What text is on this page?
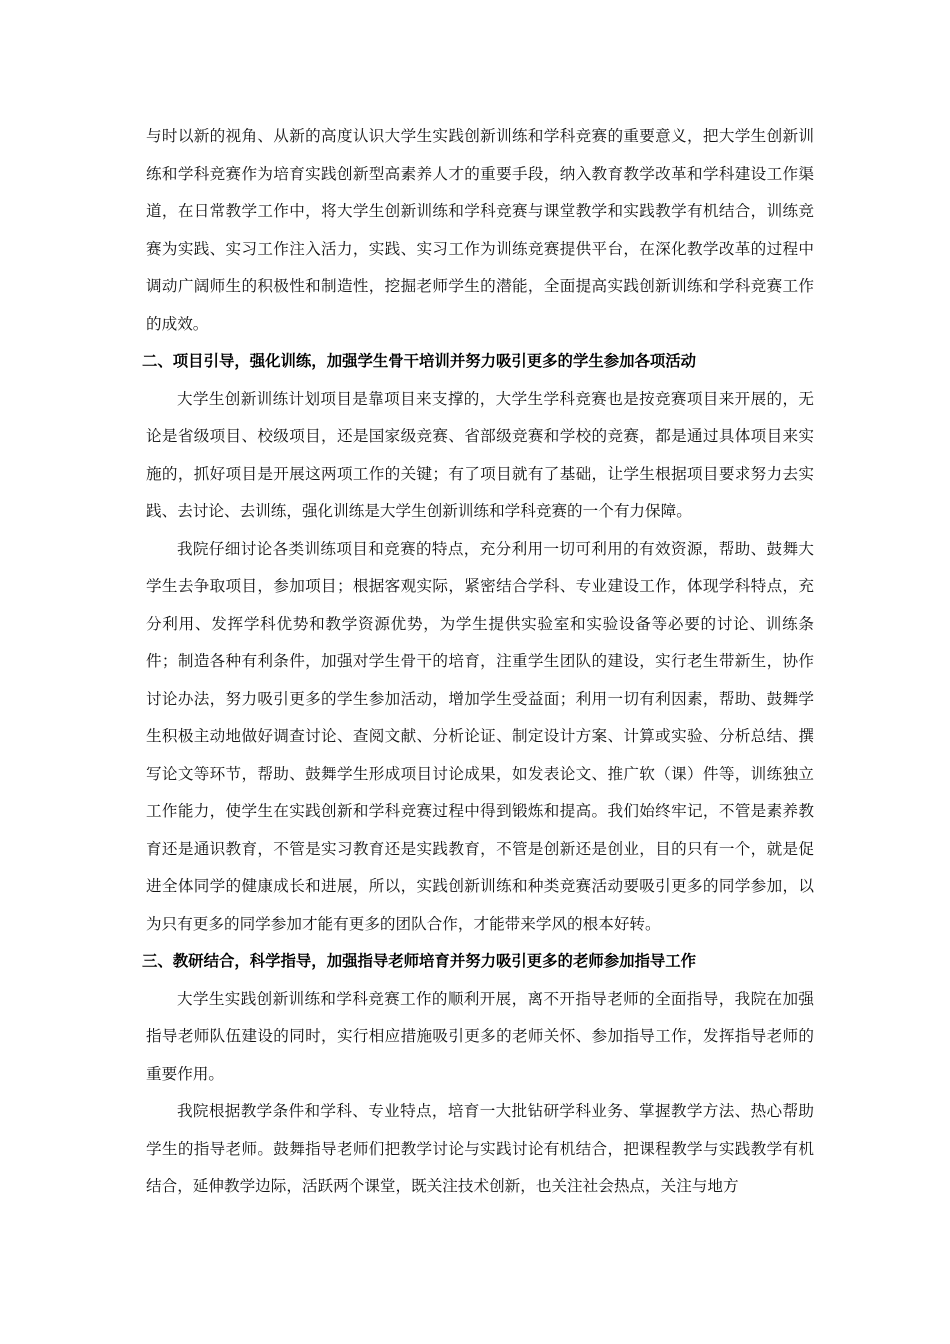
与时以新的视角、从新的高度认识大学生实践创新训练和学科竞赛的重要意义，把大学生创新训练和学科竞赛作为培育实践创新型高素养人才的重要手段，纳入教育教学改革和学科建设工作渠道，在日常教学工作中，将大学生创新训练和学科竞赛与课堂教学和实践教学有机结合，训练竞赛为实践、实习工作注入活力，实践、实习工作为训练竞赛提供平台，在深化教学改革的过程中调动广阔师生的积极性和制造性，挖掘老师学生的潜能，全面提高实践创新训练和学科竞赛工作的成效。

二、项目引导，强化训练，加强学生骨干培训并努力吸引更多的学生参加各项活动

大学生创新训练计划项目是靠项目来支撑的，大学生学科竞赛也是按竞赛项目来开展的，无论是省级项目、校级项目，还是国家级竞赛、省部级竞赛和学校的竞赛，都是通过具体项目来实施的，抓好项目是开展这两项工作的关键；有了项目就有了基础，让学生根据项目要求努力去实践、去讨论、去训练，强化训练是大学生创新训练和学科竞赛的一个有力保障。

我院仔细讨论各类训练项目和竞赛的特点，充分利用一切可利用的有效资源，帮助、鼓舞大学生去争取项目，参加项目；根据客观实际，紧密结合学科、专业建设工作，体现学科特点，充分利用、发挥学科优势和教学资源优势，为学生提供实验室和实验设备等必要的讨论、训练条件；制造各种有利条件，加强对学生骨干的培育，注重学生团队的建设，实行老生带新生，协作讨论办法，努力吸引更多的学生参加活动，增加学生受益面；利用一切有利因素，帮助、鼓舞学生积极主动地做好调查讨论、查阅文献、分析论证、制定设计方案、计算或实验、分析总结、撰写论文等环节，帮助、鼓舞学生形成项目讨论成果，如发表论文、推广软（课）件等，训练独立工作能力，使学生在实践创新和学科竞赛过程中得到锻炼和提高。我们始终牢记，不管是素养教育还是通识教育，不管是实习教育还是实践教育，不管是创新还是创业，目的只有一个，就是促进全体同学的健康成长和进展，所以，实践创新训练和种类竞赛活动要吸引更多的同学参加，以为只有更多的同学参加才能有更多的团队合作，才能带来学风的根本好转。

三、教研结合，科学指导，加强指导老师培育并努力吸引更多的老师参加指导工作

大学生实践创新训练和学科竞赛工作的顺利开展，离不开指导老师的全面指导，我院在加强指导老师队伍建设的同时，实行相应措施吸引更多的老师关怀、参加指导工作，发挥指导老师的重要作用。

我院根据教学条件和学科、专业特点，培育一大批钻研学科业务、掌握教学方法、热心帮助学生的指导老师。鼓舞指导老师们把教学讨论与实践讨论有机结合，把课程教学与实践教学有机结合，延伸教学边际，活跃两个课堂，既关注技术创新，也关注社会热点，关注与地方
